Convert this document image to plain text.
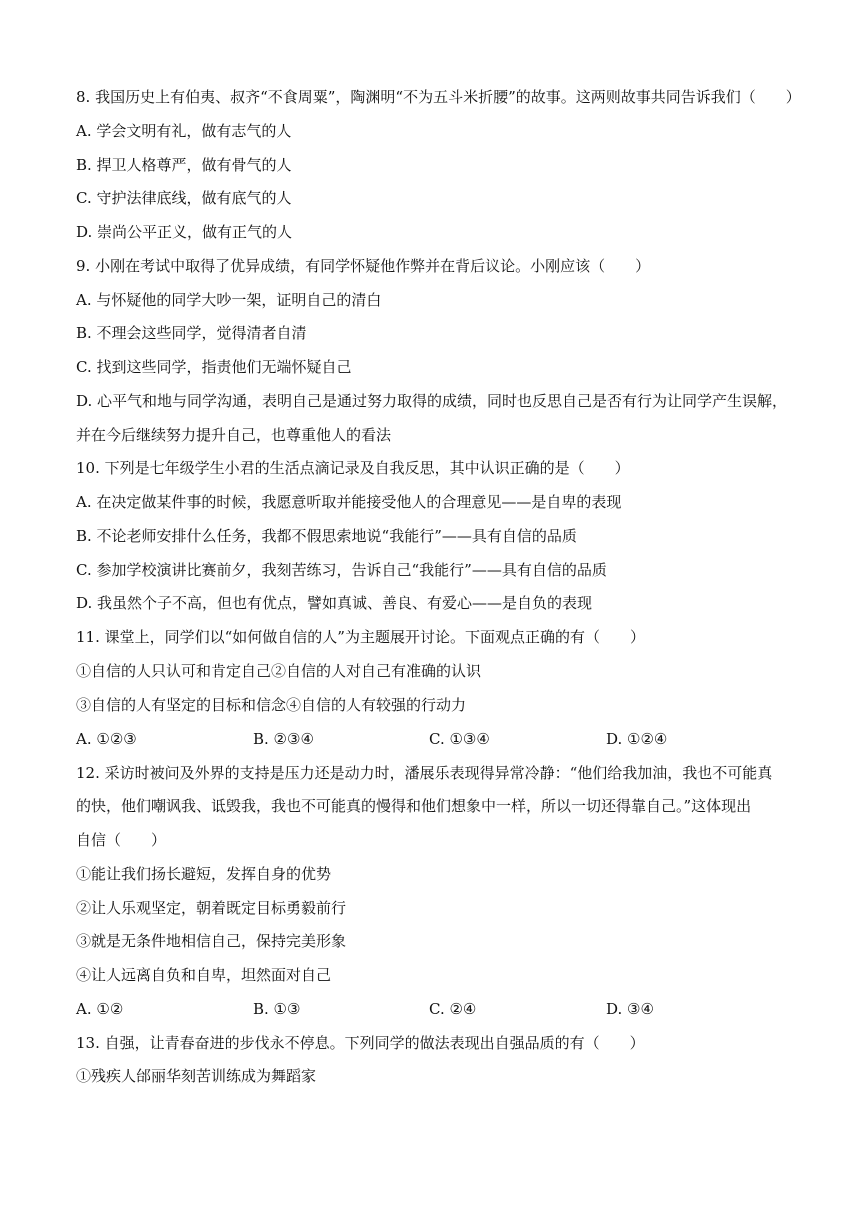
8. 我国历史上有伯夷、叔齐“不食周粟”，陶渊明“不为五斗米折腰”的故事。这两则故事共同告诉我们（　　）
A. 学会文明有礼，做有志气的人
B. 捍卫人格尊严，做有骨气的人
C. 守护法律底线，做有底气的人
D. 崇尚公平正义，做有正气的人
9. 小刚在考试中取得了优异成绩，有同学怀疑他作弊并在背后议论。小刚应该（　　）
A. 与怀疑他的同学大吵一架，证明自己的清白
B. 不理会这些同学，觉得清者自清
C. 找到这些同学，指责他们无端怀疑自己
D. 心平气和地与同学沟通，表明自己是通过努力取得的成绩，同时也反思自己是否有行为让同学产生误解，
并在今后继续努力提升自己，也尊重他人的看法
10. 下列是七年级学生小君的生活点滴记录及自我反思，其中认识正确的是（　　）
A. 在决定做某件事的时候，我愿意听取并能接受他人的合理意见——是自卑的表现
B. 不论老师安排什么任务，我都不假思索地说“我能行”——具有自信的品质
C. 参加学校演讲比赛前夕，我刻苦练习，告诉自己“我能行”——具有自信的品质
D. 我虽然个子不高，但也有优点，譬如真诚、善良、有爱心——是自负的表现
11. 课堂上，同学们以“如何做自信的人”为主题展开讨论。下面观点正确的有（　　）
①自信的人只认可和肯定自己②自信的人对自己有准确的认识
③自信的人有坚定的目标和信念④自信的人有较强的行动力
A. ①②③	B. ②③④	C. ①③④	D. ①②④
12. 采访时被问及外界的支持是压力还是动力时，潘展乐表现得异常冷静：“他们给我加油，我也不可能真
的快，他们嘲讽我、诋毁我，我也不可能真的慢得和他们想象中一样，所以一切还得靠自己。”这体现出
自信（　　）
①能让我们扬长避短，发挥自身的优势
②让人乐观坚定，朝着既定目标勇毅前行
③就是无条件地相信自己，保持完美形象
④让人远离自负和自卑，坦然面对自己
A. ①②	B. ①③	C. ②④	D. ③④
13. 自强，让青春奋进的步伐永不停息。下列同学的做法表现出自强品质的有（　　）
①残疾人邰丽华刻苦训练成为舞蹈家
